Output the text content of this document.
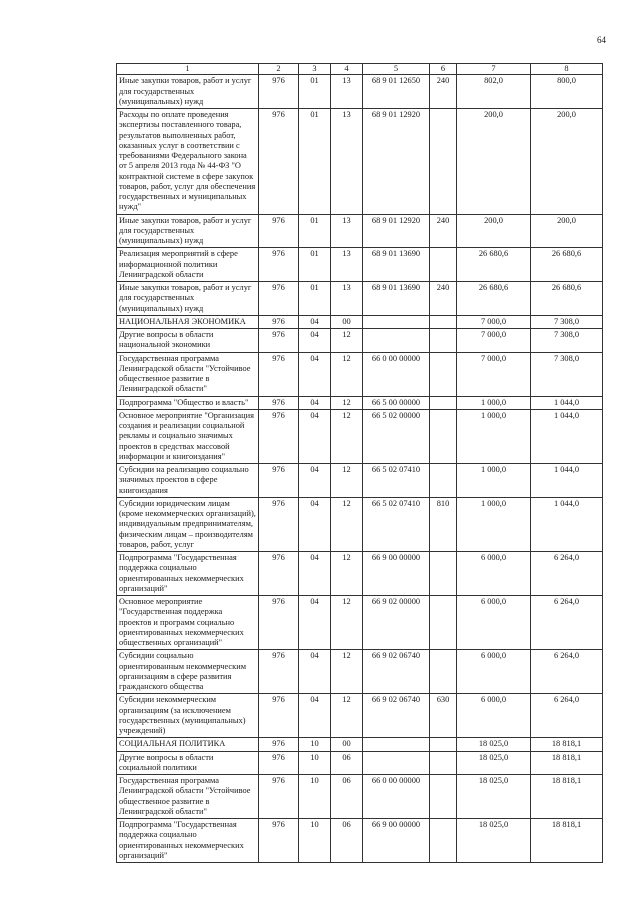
64
1	2	3	4	5	6	7	8
Иные закупки товаров, работ и услуг для государственных (муниципальных) нужд	976	01	13	68 9 01 12650	240	802,0	800,0
Расходы по оплате проведения экспертизы поставленного товара, результатов выполненных работ, оказанных услуг в соответствии с требованиями Федерального закона от 5 апреля 2013 года № 44-ФЗ "О контрактной системе в сфере закупок товаров, работ, услуг для обеспечения государственных и муниципальных нужд"	976	01	13	68 9 01 12920		200,0	200,0
Иные закупки товаров, работ и услуг для государственных (муниципальных) нужд	976	01	13	68 9 01 12920	240	200,0	200,0
Реализация мероприятий в сфере информационной политики Ленинградской области	976	01	13	68 9 01 13690		26 680,6	26 680,6
Иные закупки товаров, работ и услуг для государственных (муниципальных) нужд	976	01	13	68 9 01 13690	240	26 680,6	26 680,6
НАЦИОНАЛЬНАЯ ЭКОНОМИКА	976	04	00			7 000,0	7 308,0
Другие вопросы в области национальной экономики	976	04	12			7 000,0	7 308,0
Государственная программа Ленинградской области "Устойчивое общественное развитие в Ленинградской области"	976	04	12	66 0 00 00000		7 000,0	7 308,0
Подпрограмма "Общество и власть"	976	04	12	66 5 00 00000		1 000,0	1 044,0
Основное мероприятие "Организация создания и реализации социальной рекламы и социально значимых проектов в средствах массовой информации и книгоиздания"	976	04	12	66 5 02 00000		1 000,0	1 044,0
Субсидии на реализацию социально значимых проектов в сфере книгоиздания	976	04	12	66 5 02 07410		1 000,0	1 044,0
Субсидии юридическим лицам (кроме некоммерческих организаций), индивидуальным предпринимателям, физическим лицам – производителям товаров, работ, услуг	976	04	12	66 5 02 07410	810	1 000,0	1 044,0
Подпрограмма "Государственная поддержка социально ориентированных некоммерческих организаций"	976	04	12	66 9 00 00000		6 000,0	6 264,0
Основное мероприятие "Государственная поддержка проектов и программ социально ориентированных некоммерческих общественных организаций"	976	04	12	66 9 02 00000		6 000,0	6 264,0
Субсидии социально ориентированным некоммерческим организациям в сфере развития гражданского общества	976	04	12	66 9 02 06740		6 000,0	6 264,0
Субсидии некоммерческим организациям (за исключением государственных (муниципальных) учреждений)	976	04	12	66 9 02 06740	630	6 000,0	6 264,0
СОЦИАЛЬНАЯ ПОЛИТИКА	976	10	00			18 025,0	18 818,1
Другие вопросы в области социальной политики	976	10	06			18 025,0	18 818,1
Государственная программа Ленинградской области "Устойчивое общественное развитие в Ленинградской области"	976	10	06	66 0 00 00000		18 025,0	18 818,1
Подпрограмма "Государственная поддержка социально ориентированных некоммерческих организаций"	976	10	06	66 9 00 00000		18 025,0	18 818,1
